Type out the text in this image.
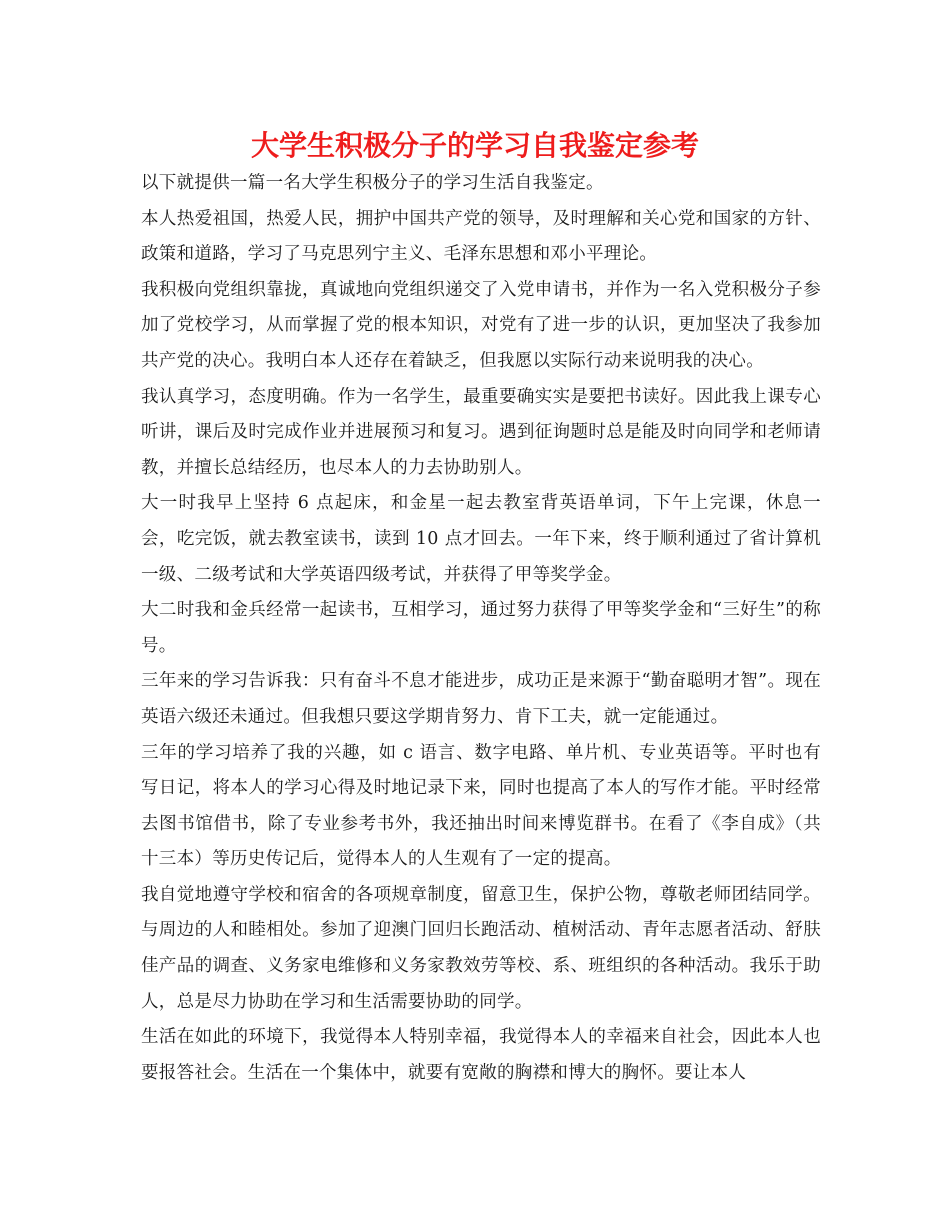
大学生积极分子的学习自我鉴定参考

以下就提供一篇一名大学生积极分子的学习生活自我鉴定。

本人热爱祖国，热爱人民，拥护中国共产党的领导，及时理解和关心党和国家的方针、政策和道路，学习了马克思列宁主义、毛泽东思想和邓小平理论。

我积极向党组织靠拢，真诚地向党组织递交了入党申请书，并作为一名入党积极分子参加了党校学习，从而掌握了党的根本知识，对党有了进一步的认识，更加坚决了我参加共产党的决心。我明白本人还存在着缺乏，但我愿以实际行动来说明我的决心。

我认真学习，态度明确。作为一名学生，最重要确实实是要把书读好。因此我上课专心听讲，课后及时完成作业并进展预习和复习。遇到征询题时总是能及时向同学和老师请教，并擅长总结经历，也尽本人的力去协助别人。

大一时我早上坚持 6 点起床，和金星一起去教室背英语单词，下午上完课，休息一会，吃完饭，就去教室读书，读到 10 点才回去。一年下来，终于顺利通过了省计算机一级、二级考试和大学英语四级考试，并获得了甲等奖学金。

大二时我和金兵经常一起读书，互相学习，通过努力获得了甲等奖学金和“三好生”的称号。

三年来的学习告诉我：只有奋斗不息才能进步，成功正是来源于“勤奋聪明才智”。现在英语六级还未通过。但我想只要这学期肯努力、肯下工夫，就一定能通过。

三年的学习培养了我的兴趣，如 c 语言、数字电路、单片机、专业英语等。平时也有写日记，将本人的学习心得及时地记录下来，同时也提高了本人的写作才能。平时经常去图书馆借书，除了专业参考书外，我还抽出时间来博览群书。在看了《李自成》（共十三本）等历史传记后，觉得本人的人生观有了一定的提高。

我自觉地遵守学校和宿舍的各项规章制度，留意卫生，保护公物，尊敬老师团结同学。与周边的人和睦相处。参加了迎澳门回归长跑活动、植树活动、青年志愿者活动、舒肤佳产品的调查、义务家电维修和义务家教效劳等校、系、班组织的各种活动。我乐于助人，总是尽力协助在学习和生活需要协助的同学。

生活在如此的环境下，我觉得本人特别幸福，我觉得本人的幸福来自社会，因此本人也要报答社会。生活在一个集体中，就要有宽敞的胸襟和博大的胸怀。要让本人
